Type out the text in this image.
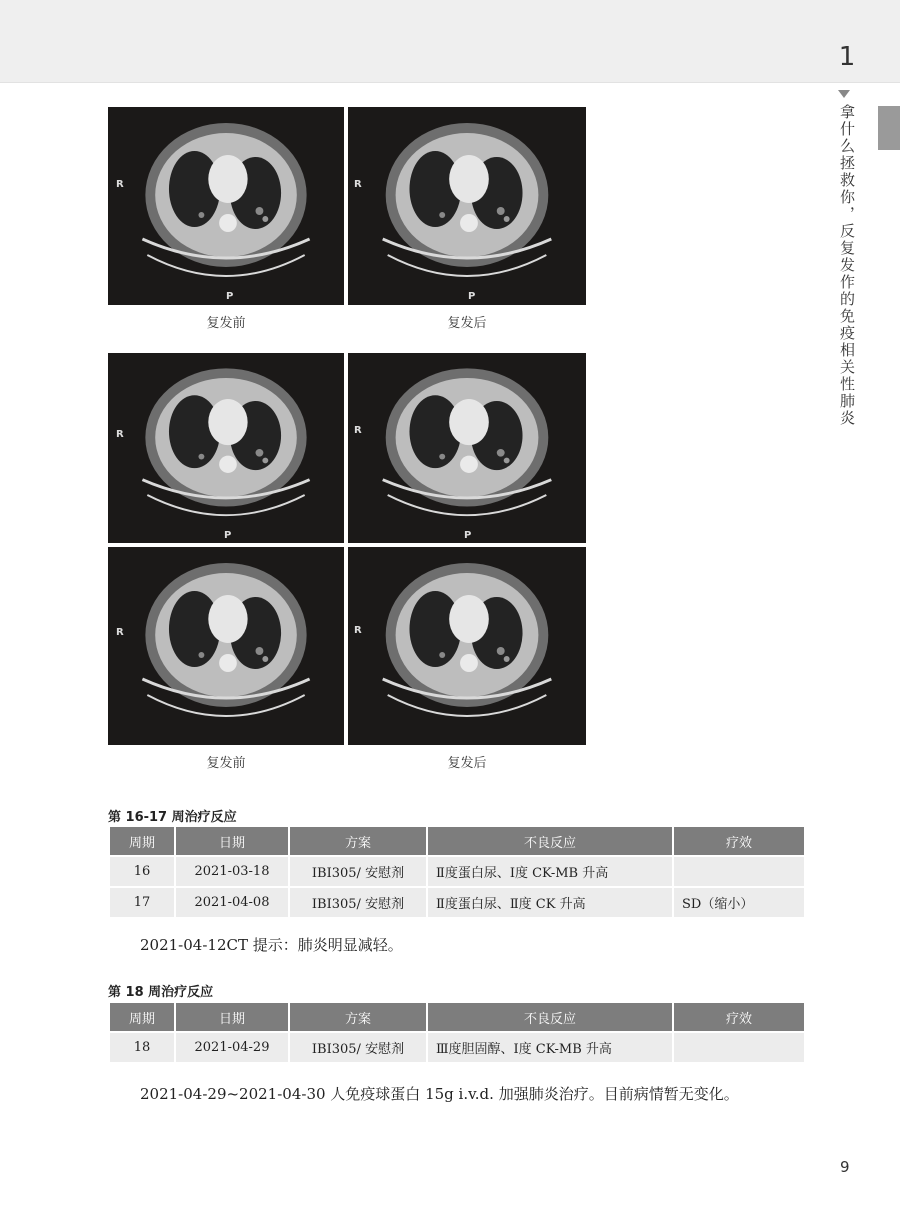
1
拿什么拯救你，反复发作的免疫相关性肺炎
R
P
R
P
复发前	复发后
R
P
R
P
R	R
复发前	复发后
第 16-17 周治疗反应
周期	日期	方案	不良反应	疗效
16	2021-03-18	IBI305/ 安慰剂	Ⅱ度蛋白尿、Ⅰ度 CK-MB 升高	
17	2021-04-08	IBI305/ 安慰剂	Ⅱ度蛋白尿、Ⅱ度 CK 升高	SD（缩小）
2021-04-12CT 提示：肺炎明显减轻。
第 18 周治疗反应
周期	日期	方案	不良反应	疗效
18	2021-04-29	IBI305/ 安慰剂	Ⅲ度胆固醇、Ⅰ度 CK-MB 升高	
2021-04-29~2021-04-30 人免疫球蛋白 15g i.v.d. 加强肺炎治疗。目前病情暂无变化。
9
